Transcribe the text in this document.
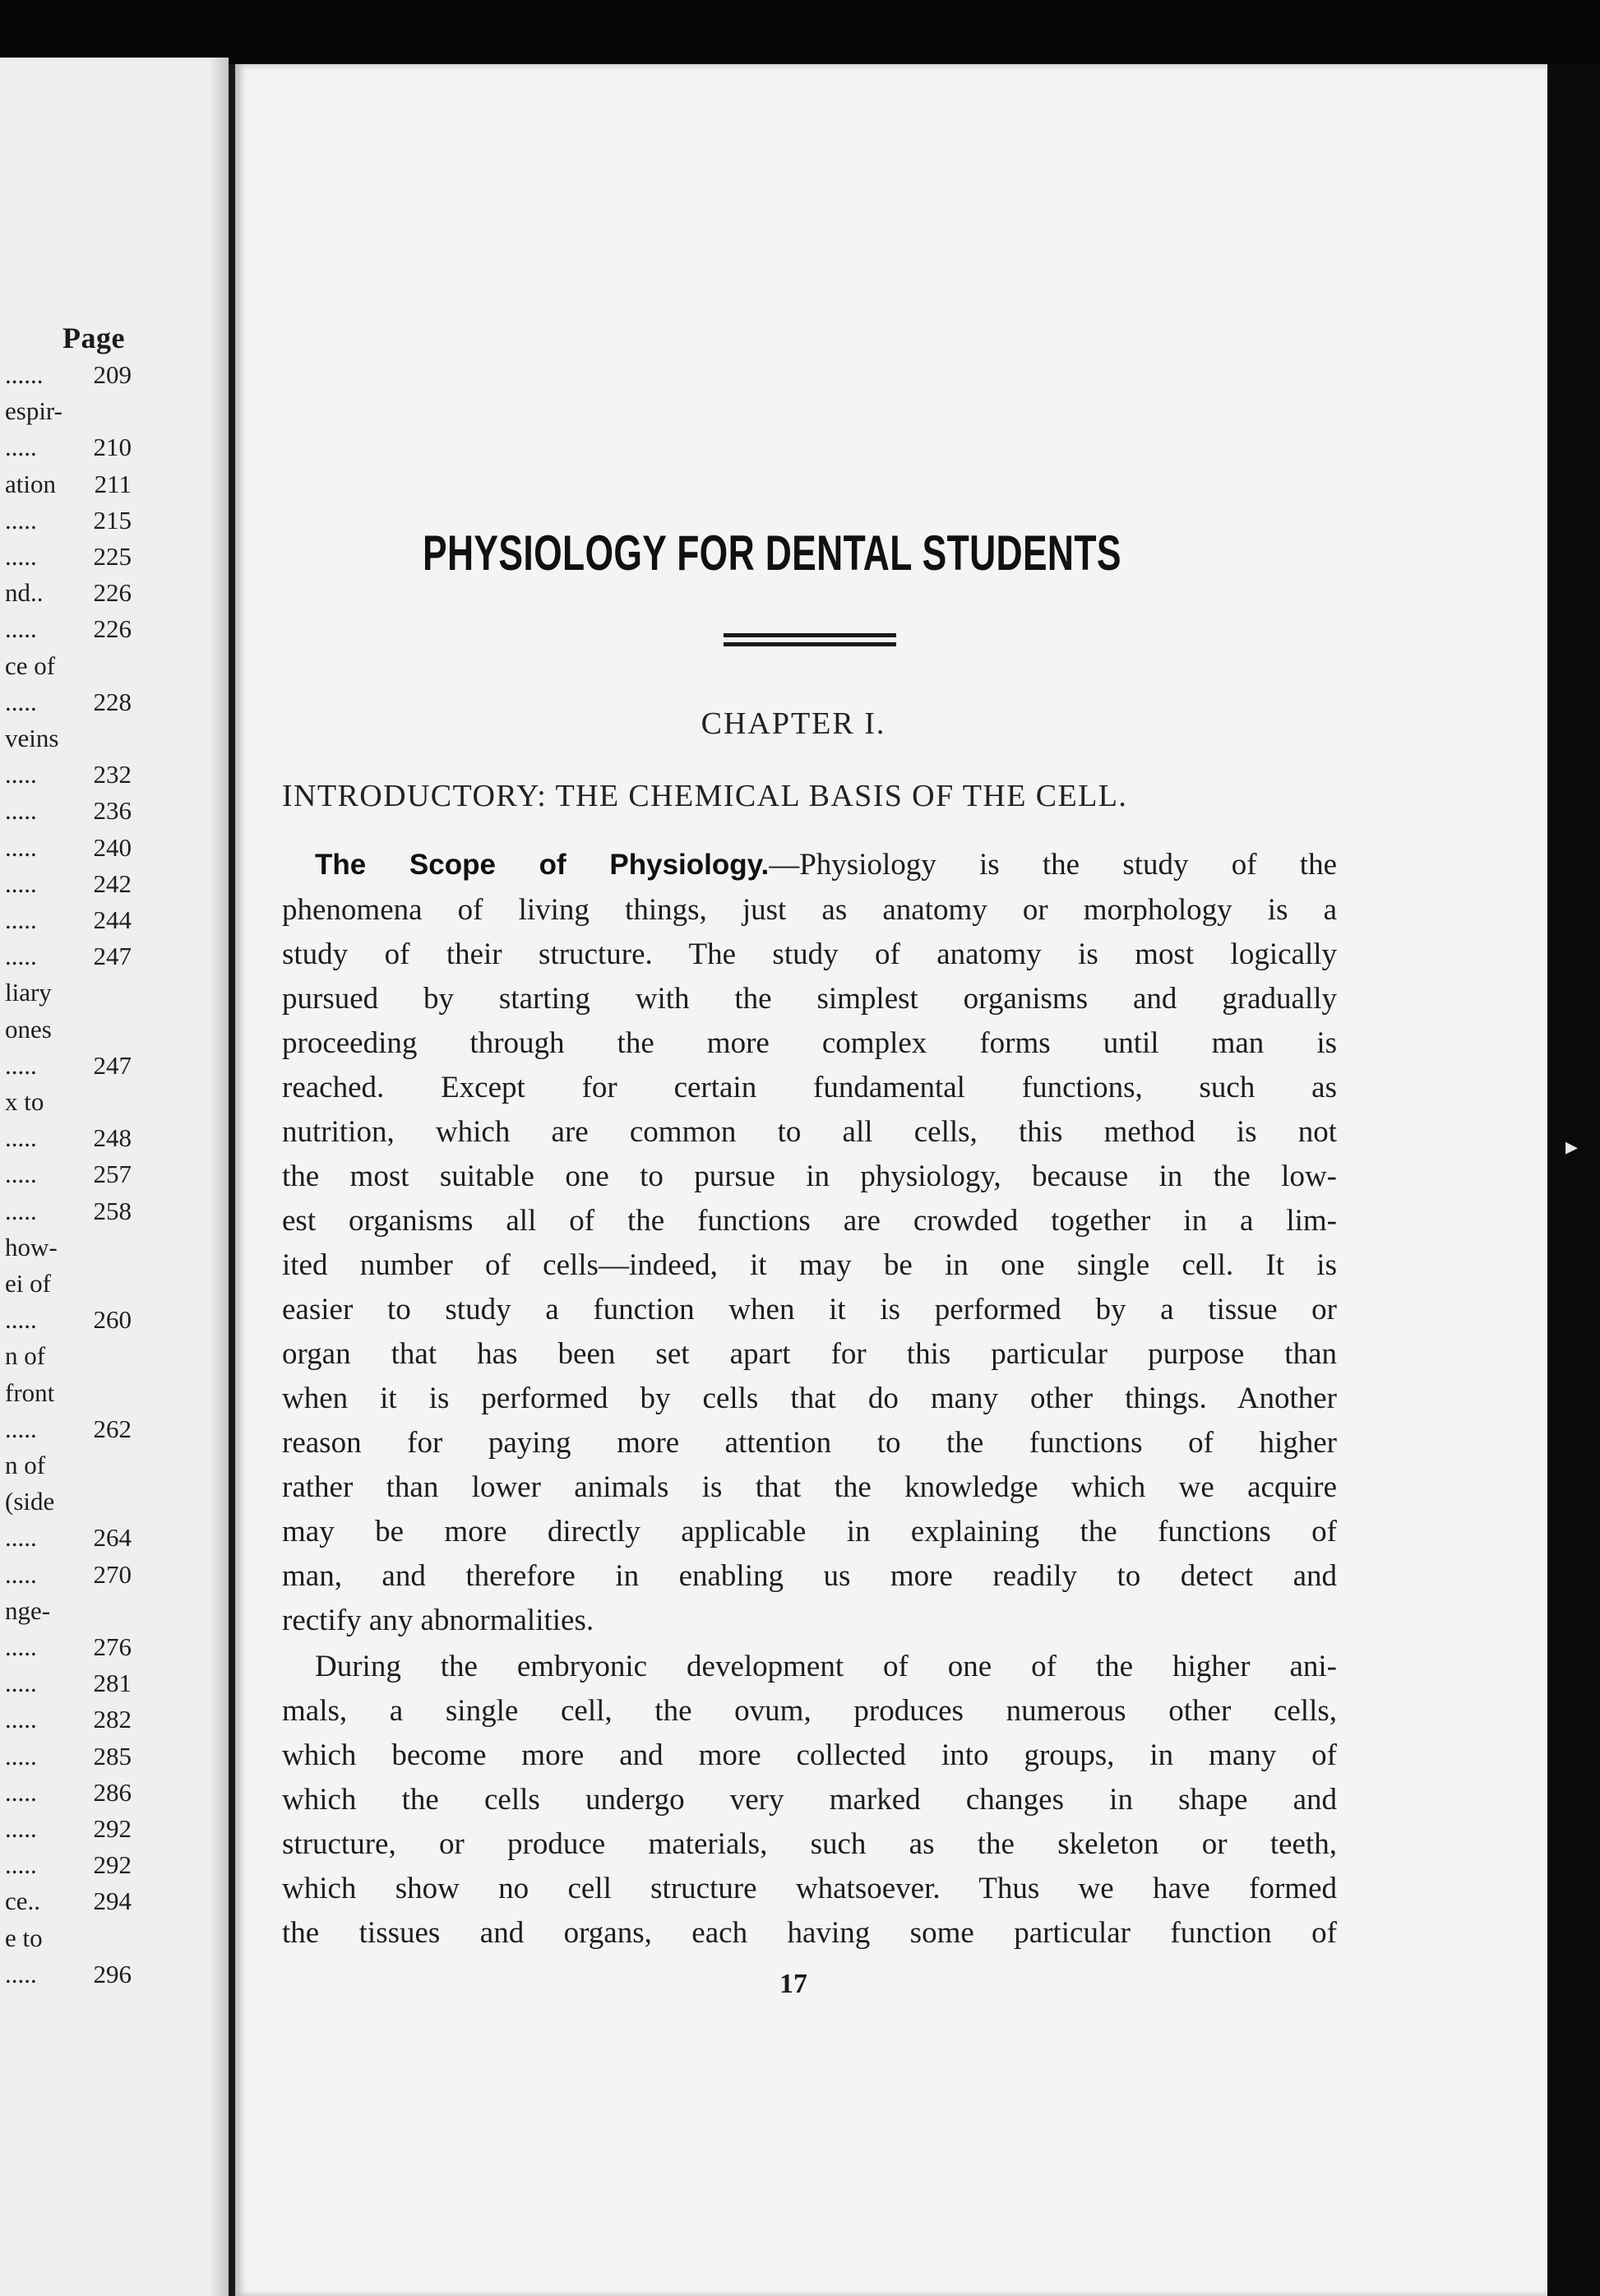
Page
......	209
espir-
.....	210
ation	211
.....	215
.....	225
nd..	226
.....	226
ce of
.....	228
veins
.....	232
.....	236
.....	240
.....	242
.....	244
.....	247
liary
ones
.....	247
x to
.....	248
.....	257
.....	258
how-
ei of
.....	260
n of
front
.....	262
n of
(side
.....	264
.....	270
nge-
.....	276
.....	281
.....	282
.....	285
.....	286
.....	292
.....	292
ce..	294
e to
.....	296
PHYSIOLOGY FOR DENTAL STUDENTS
CHAPTER I.
INTRODUCTORY: THE CHEMICAL BASIS OF THE CELL.
The Scope of Physiology.—Physiology is the study of the
phenomena of living things, just as anatomy or morphology is a
study of their structure. The study of anatomy is most logically
pursued by starting with the simplest organisms and gradually
proceeding through the more complex forms until man is
reached. Except for certain fundamental functions, such as
nutrition, which are common to all cells, this method is not
the most suitable one to pursue in physiology, because in the low-
est organisms all of the functions are crowded together in a lim-
ited number of cells—indeed, it may be in one single cell. It is
easier to study a function when it is performed by a tissue or
organ that has been set apart for this particular purpose than
when it is performed by cells that do many other things. Another
reason for paying more attention to the functions of higher
rather than lower animals is that the knowledge which we acquire
may be more directly applicable in explaining the functions of
man, and therefore in enabling us more readily to detect and
rectify any abnormalities.
During the embryonic development of one of the higher ani-
mals, a single cell, the ovum, produces numerous other cells,
which become more and more collected into groups, in many of
which the cells undergo very marked changes in shape and
structure, or produce materials, such as the skeleton or teeth,
which show no cell structure whatsoever. Thus we have formed
the tissues and organs, each having some particular function of
17
▸
